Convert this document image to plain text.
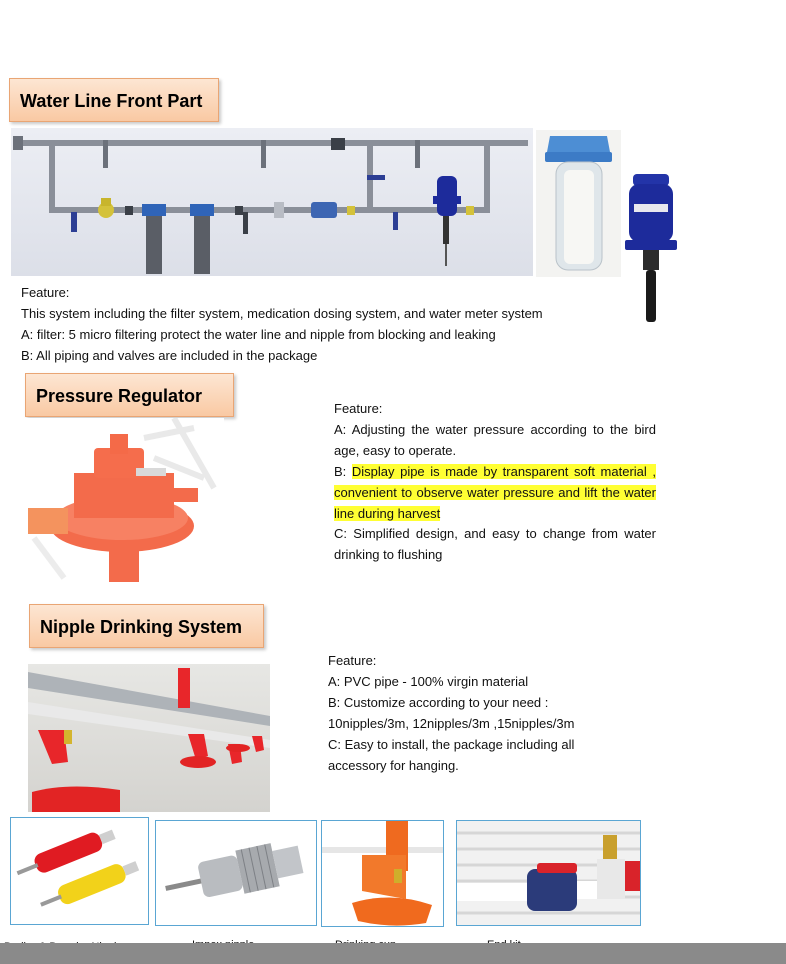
Water Line Front Part
Feature:
This system including the filter system, medication dosing system, and water meter system
A: filter: 5 micro filtering protect the water line and nipple from blocking and leaking
B: All piping and valves are included in the package
Pressure Regulator
Feature:
A: Adjusting the water pressure according to the bird age, easy to operate.
B: Display pipe is made by transparent soft material , convenient to observe water pressure and lift the water line during harvest
C: Simplified design, and easy to change from water drinking to flushing
Nipple Drinking System
Feature:
A: PVC pipe - 100% virgin material
B: Customize according to your need :
10nipples/3m, 12nipples/3m ,15nipples/3m
C: Easy to install, the package including all
accessory for hanging.
